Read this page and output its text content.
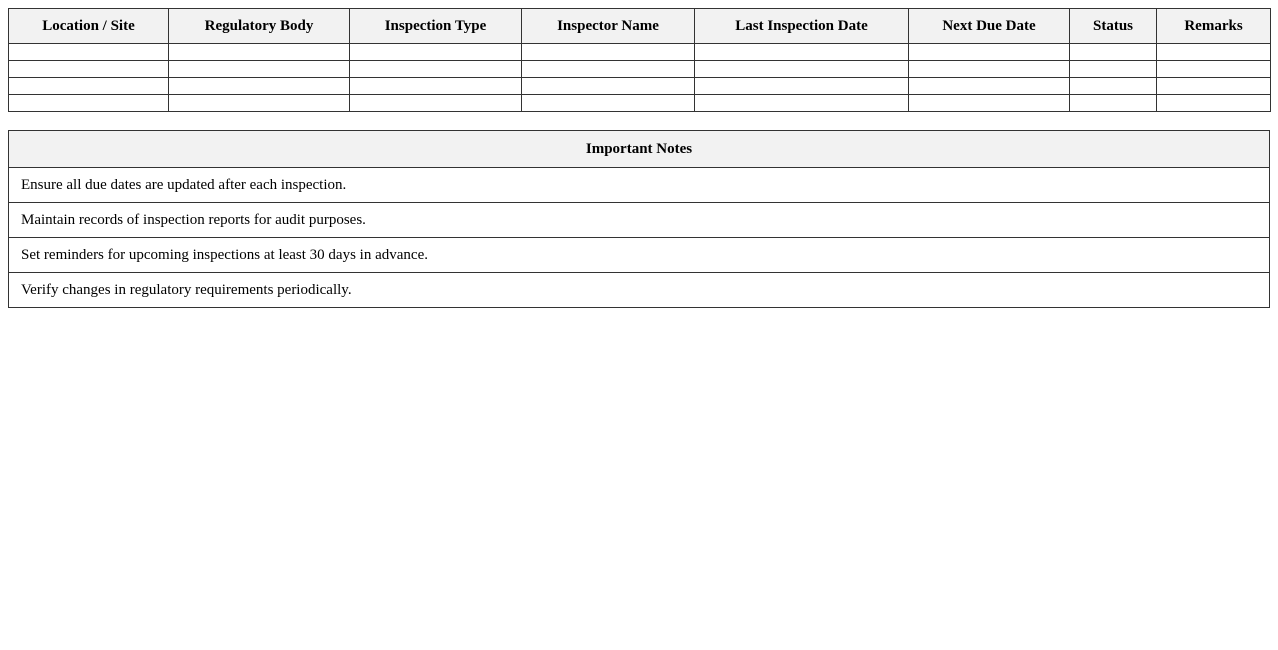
Location / Site	Regulatory Body	Inspection Type	Inspector Name	Last Inspection Date	Next Due Date	Status	Remarks

Important Notes
Ensure all due dates are updated after each inspection.
Maintain records of inspection reports for audit purposes.
Set reminders for upcoming inspections at least 30 days in advance.
Verify changes in regulatory requirements periodically.
